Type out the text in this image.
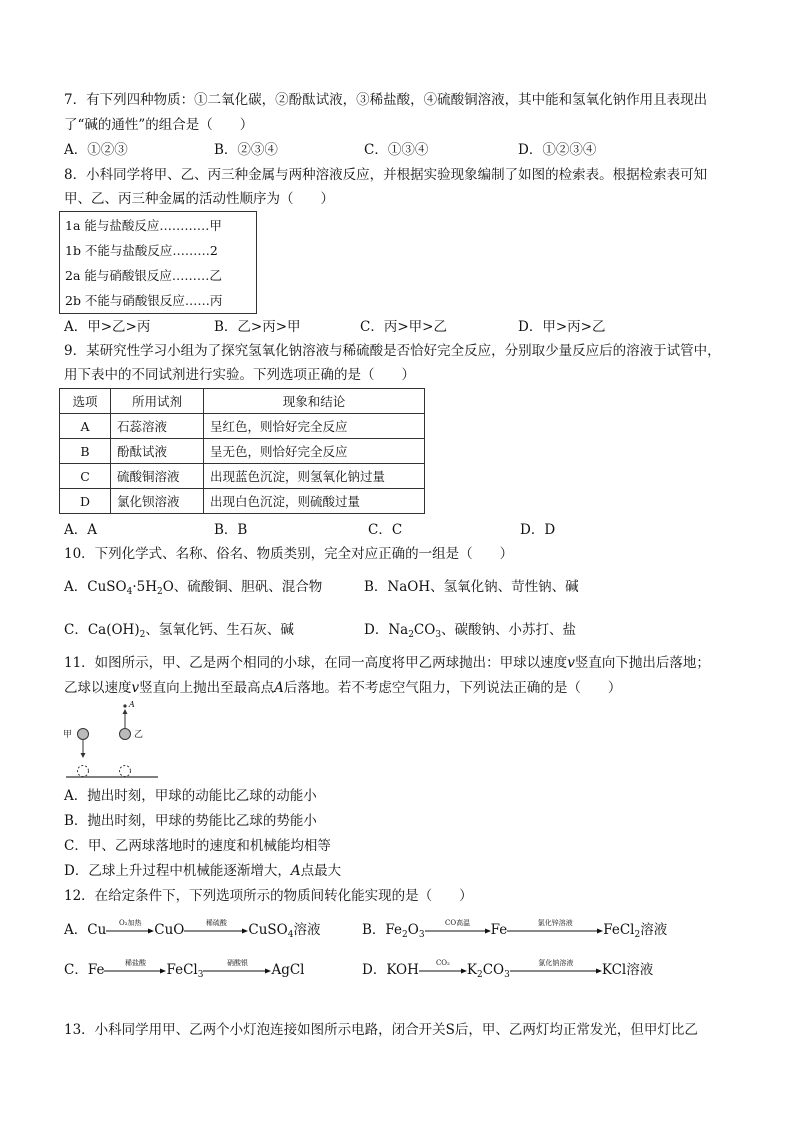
7．有下列四种物质：①二氧化碳，②酚酞试液，③稀盐酸，④硫酸铜溶液，其中能和氢氧化钠作用且表现出
了“碱的通性”的组合是（　　）
A．①②③	B．②③④	C．①③④	D．①②③④
8．小科同学将甲、乙、丙三种金属与两种溶液反应，并根据实验现象编制了如图的检索表。根据检索表可知
甲、乙、丙三种金属的活动性顺序为（　　）
1a 能与盐酸反应…………甲
1b 不能与盐酸反应………2
2a 能与硝酸银反应………乙
2b 不能与硝酸银反应……丙
A．甲>乙>丙	B．乙>丙>甲	C．丙>甲>乙	D．甲>丙>乙
9．某研究性学习小组为了探究氢氧化钠溶液与稀硫酸是否恰好完全反应，分别取少量反应后的溶液于试管中，
用下表中的不同试剂进行实验。下列选项正确的是（　　）
选项	所用试剂	现象和结论
A	石蕊溶液	呈红色，则恰好完全反应
B	酚酞试液	呈无色，则恰好完全反应
C	硫酸铜溶液	出现蓝色沉淀，则氢氧化钠过量
D	氯化钡溶液	出现白色沉淀，则硫酸过量
A．A	B．B	C．C	D．D
10．下列化学式、名称、俗名、物质类别，完全对应正确的一组是（　　）
A．$CuSO_4\cdot 5H_2O$、硫酸铜、胆矾、混合物	B．NaOH、氢氧化钠、苛性钠、碱
C．$Ca(OH)_2$、氢氧化钙、生石灰、碱	D．$Na_2CO_3$、碳酸钠、小苏打、盐
11．如图所示，甲、乙是两个相同的小球，在同一高度将甲乙两球抛出：甲球以速度v竖直向下抛出后落地；
乙球以速度v竖直向上抛出至最高点A后落地。若不考虑空气阻力，下列说法正确的是（　　）
甲	乙
A
A．抛出时刻，甲球的动能比乙球的动能小
B．抛出时刻，甲球的势能比乙球的势能小
C．甲、乙两球落地时的速度和机械能均相等
D．乙球上升过程中机械能逐渐增大，A点最大
12．在给定条件下，下列选项所示的物质间转化能实现的是（　　）
A．Cu	O₂加热 CuO	稀硫酸	CuSO$_4$溶液	B．$Fe_2O_3$
CO高温	Fe	氯化锌溶液	FeCl$_2$溶液
C．Fe	稀盐酸	FeCl$_3$
硝酸银	AgCl	D．KOH	CO₂	$K_2CO_3$
氯化钠溶液	KCl溶液
13．小科同学用甲、乙两个小灯泡连接如图所示电路，闭合开关S后，甲、乙两灯均正常发光，但甲灯比乙
